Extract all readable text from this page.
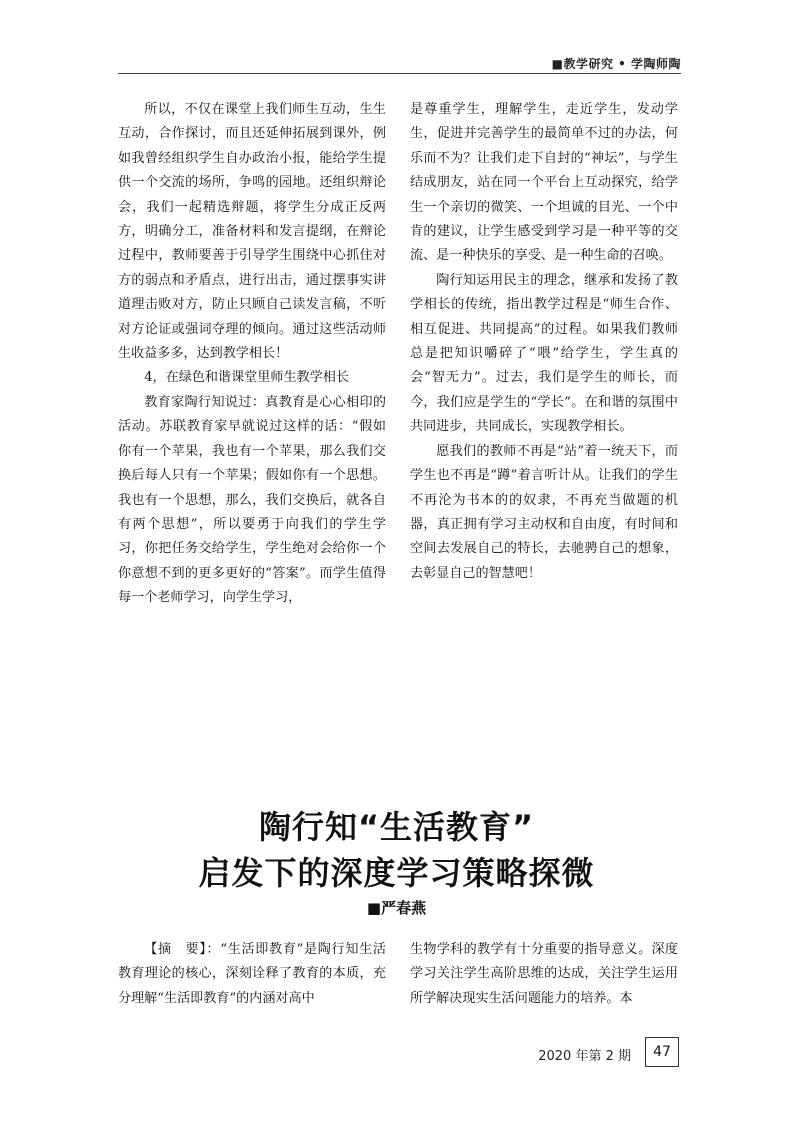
■教学研究 • 学陶师陶

所以，不仅在课堂上我们师生互动，生生互动，合作探讨，而且还延伸拓展到课外，例如我曾经组织学生自办政治小报，能给学生提供一个交流的场所，争鸣的园地。还组织辩论会，我们一起精选辩题，将学生分成正反两方，明确分工，准备材料和发言提纲，在辩论过程中，教师要善于引导学生围绕中心抓住对方的弱点和矛盾点，进行出击，通过摆事实讲道理击败对方，防止只顾自己读发言稿，不听对方论证或强词夺理的倾向。通过这些活动师生收益多多，达到教学相长！

4，在绿色和谐课堂里师生教学相长

教育家陶行知说过：真教育是心心相印的活动。苏联教育家早就说过这样的话：“假如你有一个苹果，我也有一个苹果，那么我们交换后每人只有一个苹果；假如你有一个思想。我也有一个思想，那么，我们交换后，就各自有两个思想”，所以要勇于向我们的学生学习，你把任务交给学生，学生绝对会给你一个你意想不到的更多更好的“答案”。而学生值得每一个老师学习，向学生学习，

是尊重学生，理解学生，走近学生，发动学生，促进并完善学生的最简单不过的办法，何乐而不为？让我们走下自封的“神坛”，与学生结成朋友，站在同一个平台上互动探究，给学生一个亲切的微笑、一个坦诚的目光、一个中肯的建议，让学生感受到学习是一种平等的交流、是一种快乐的享受、是一种生命的召唤。

陶行知运用民主的理念，继承和发扬了教学相长的传统，指出教学过程是“师生合作、相互促进、共同提高”的过程。如果我们教师总是把知识嚼碎了“喂”给学生，学生真的会“智无力”。过去，我们是学生的师长，而今，我们应是学生的“学长”。在和谐的氛围中共同进步，共同成长，实现教学相长。

愿我们的教师不再是“站”着一统天下，而学生也不再是“蹲”着言听计从。让我们的学生不再沦为书本的的奴隶，不再充当做题的机器，真正拥有学习主动权和自由度，有时间和空间去发展自己的特长，去驰骋自己的想象，去彰显自己的智慧吧！

陶行知“生活教育”
启发下的深度学习策略探微
■严春燕

【摘　要】：“生活即教育”是陶行知生活教育理论的核心，深刻诠释了教育的本质，充分理解“生活即教育”的内涵对高中

生物学科的教学有十分重要的指导意义。深度学习关注学生高阶思维的达成，关注学生运用所学解决现实生活问题能力的培养。本

2020 年第 2 期	47
